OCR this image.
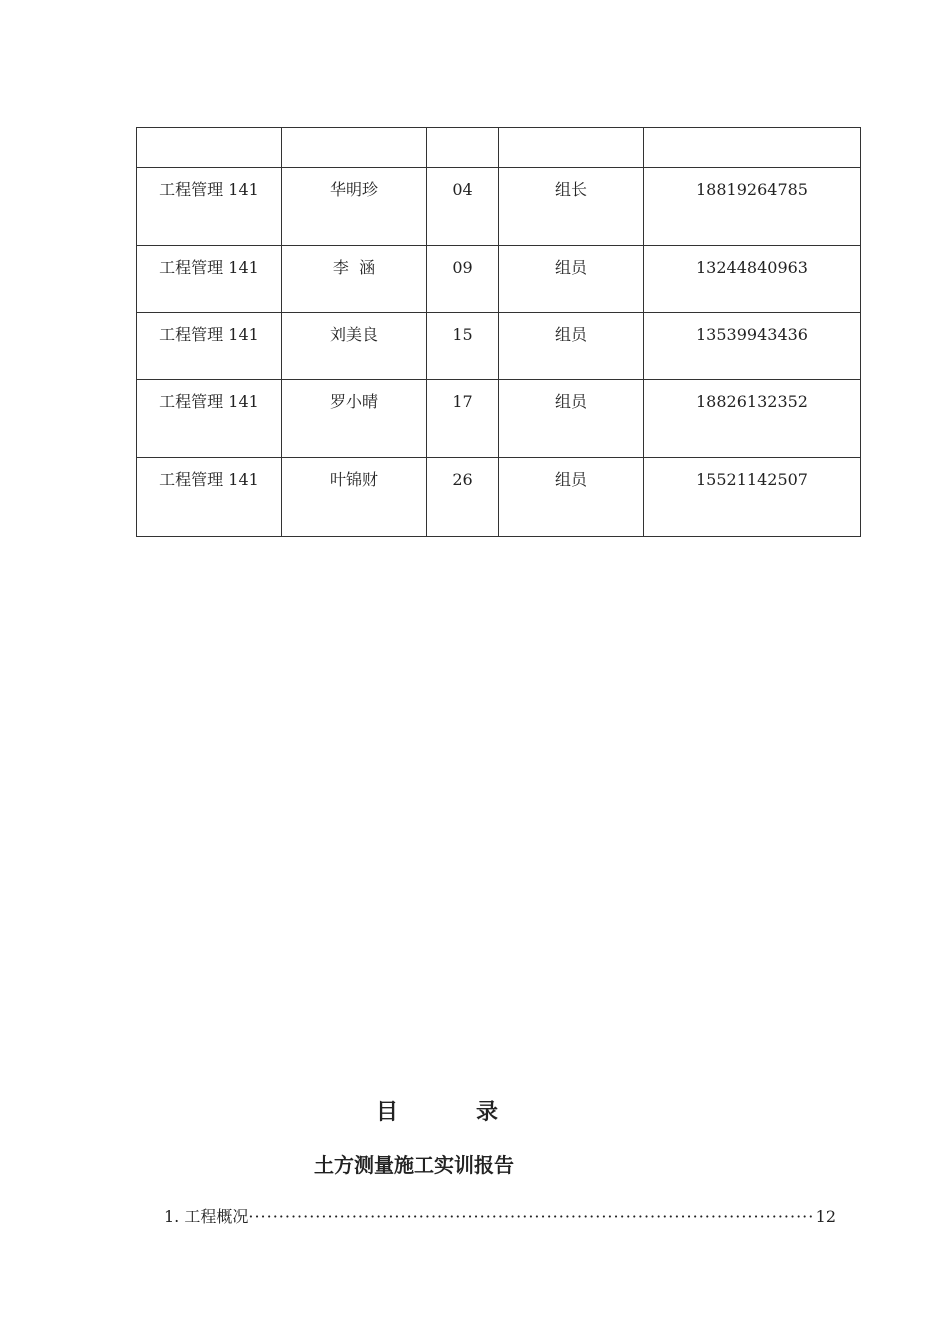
工程管理 141	华明珍	04	组长	18819264785
工程管理 141	李  涵	09	组员	13244840963
工程管理 141	刘美良	15	组员	13539943436
工程管理 141	罗小晴	17	组员	18826132352
工程管理 141	叶锦财	26	组员	15521142507
目	录
土方测量施工实训报告
1. 工程概况 ·····	12
